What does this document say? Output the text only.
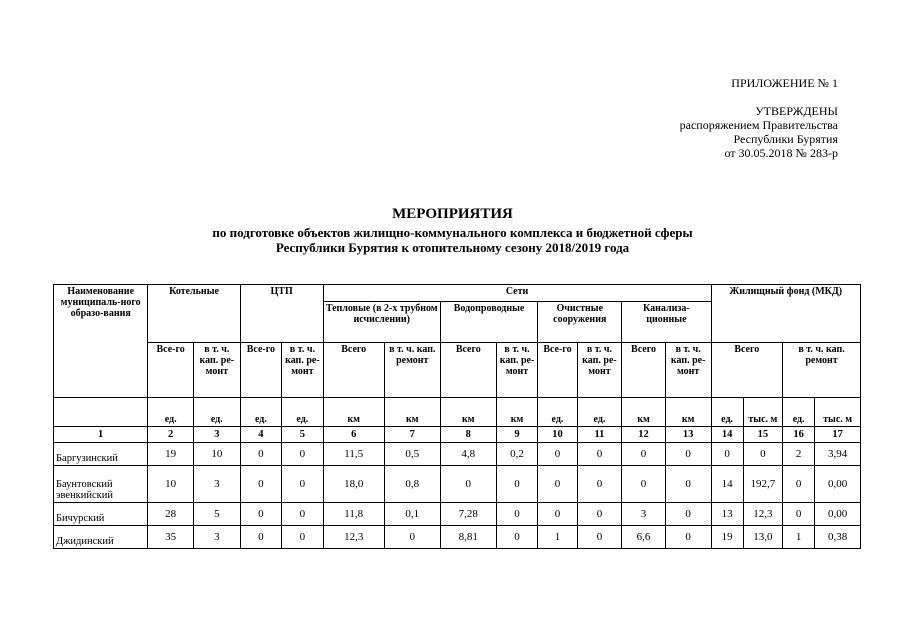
ПРИЛОЖЕНИЕ № 1
УТВЕРЖДЕНЫ
распоряжением Правительства
Республики Бурятия
от 30.05.2018 № 283-р
МЕРОПРИЯТИЯ
по подготовке объектов жилищно-коммунального комплекса и бюджетной сферы
Республики Бурятия к отопительному сезону 2018/2019 года
Наименование муниципаль-ного образо-вания	Котельные		ЦТП		Сети								Жилищный фонд (МКД)			
					Тепловые (в 2-х трубном исчислении)		Водопроводные		Очистные сооружения		Канализа-ционные					
	Все-го	в т. ч. кап. ре-монт	Все-го	в т. ч. кап. ре-монт	Всего	в т. ч. кап. ремонт	Всего	в т. ч. кап. ре-монт	Все-го	в т. ч. кап. ре-монт	Всего	в т. ч. кап. ре-монт	Всего		в т. ч. кап. ремонт	
	ед.	ед.	ед.	ед.	км	км	км	км	ед.	ед.	км	км	ед.	тыс. м	ед.	тыс. м
1	2	3	4	5	6	7	8	9	10	11	12	13	14	15	16	17
Баргузинский	19	10	0	0	11,5	0,5	4,8	0,2	0	0	0	0	0	0	2	3,94
Баунтовский эвенкийский	10	3	0	0	18,0	0,8	0	0	0	0	0	0	14	192,7	0	0,00
Бичурский	28	5	0	0	11,8	0,1	7,28	0	0	0	3	0	13	12,3	0	0,00
Джидинский	35	3	0	0	12,3	0	8,81	0	1	0	6,6	0	19	13,0	1	0,38
